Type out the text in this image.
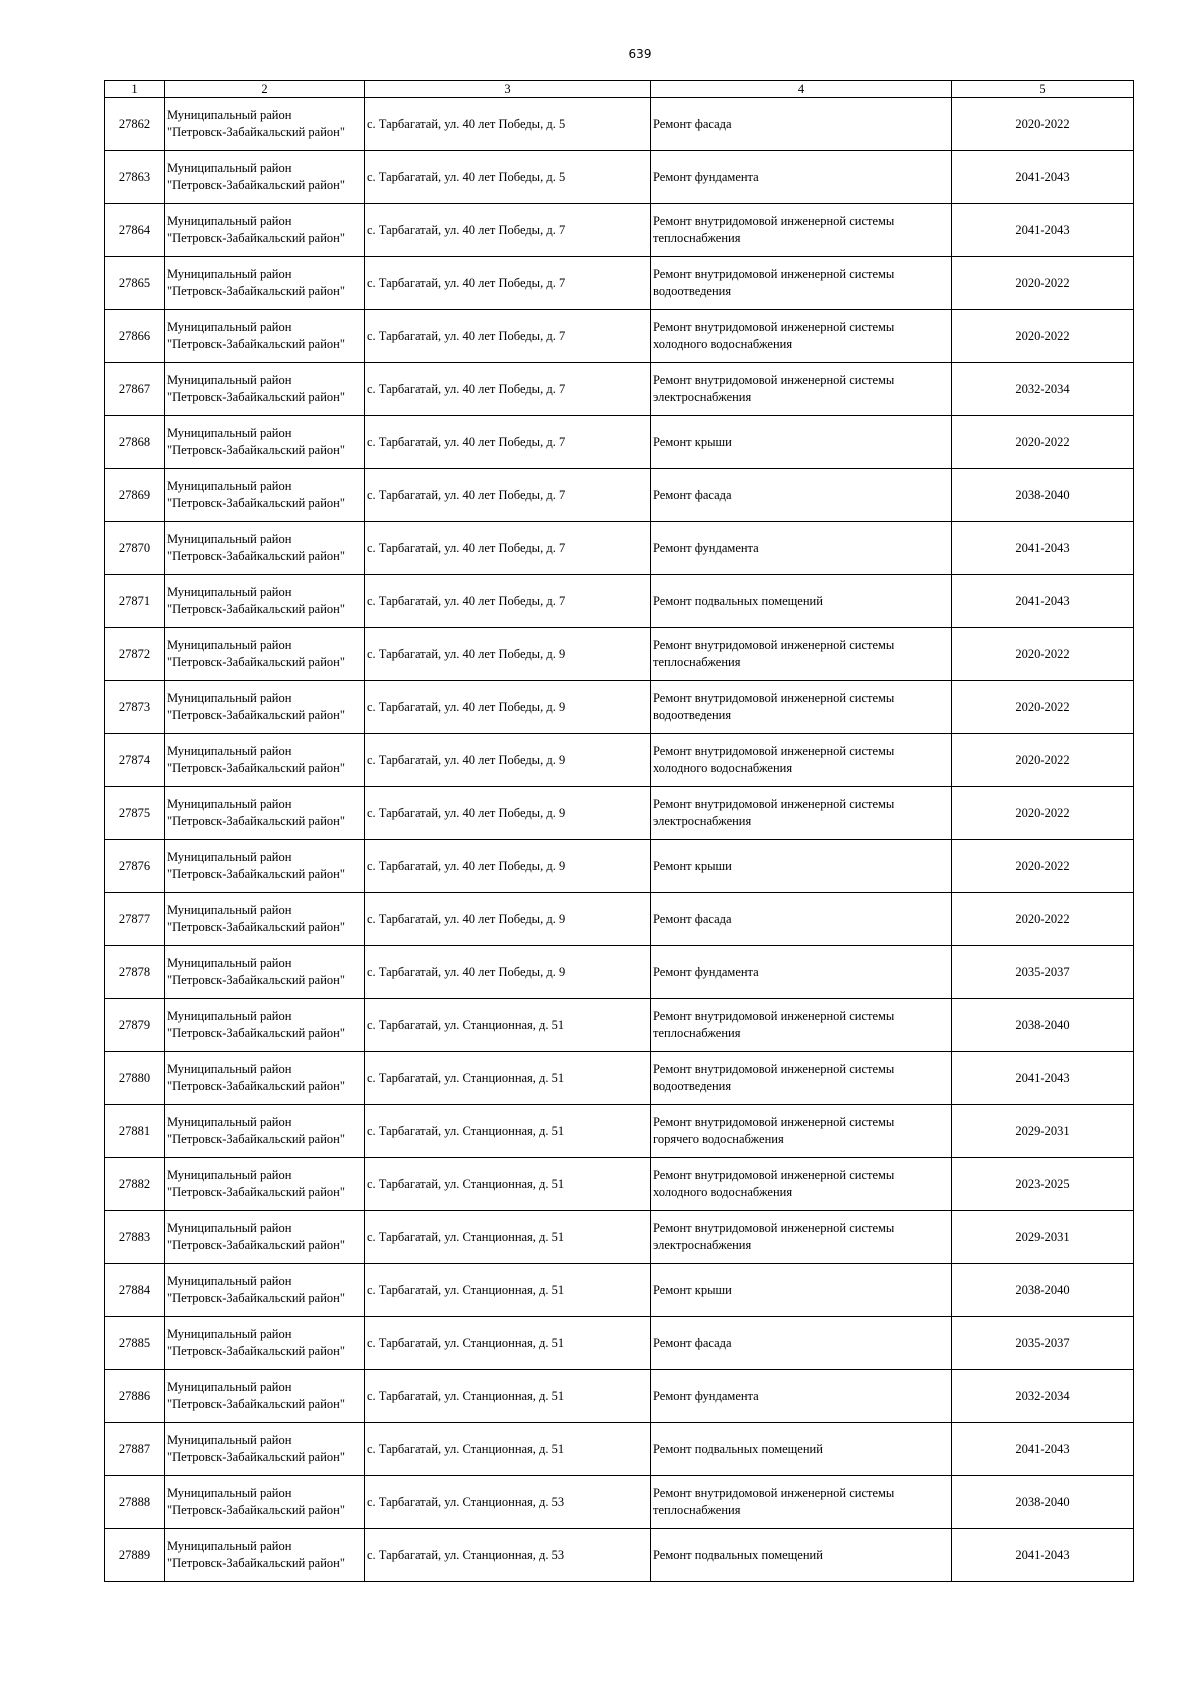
639
1	2	3	4	5
27862	Муниципальный район
"Петровск-Забайкальский район"	с. Тарбагатай, ул. 40 лет Победы, д. 5	Ремонт фасада	2020-2022
27863	Муниципальный район
"Петровск-Забайкальский район"	с. Тарбагатай, ул. 40 лет Победы, д. 5	Ремонт фундамента	2041-2043
27864	Муниципальный район
"Петровск-Забайкальский район"	с. Тарбагатай, ул. 40 лет Победы, д. 7	Ремонт внутридомовой инженерной системы
теплоснабжения	2041-2043
27865	Муниципальный район
"Петровск-Забайкальский район"	с. Тарбагатай, ул. 40 лет Победы, д. 7	Ремонт внутридомовой инженерной системы
водоотведения	2020-2022
27866	Муниципальный район
"Петровск-Забайкальский район"	с. Тарбагатай, ул. 40 лет Победы, д. 7	Ремонт внутридомовой инженерной системы
холодного водоснабжения	2020-2022
27867	Муниципальный район
"Петровск-Забайкальский район"	с. Тарбагатай, ул. 40 лет Победы, д. 7	Ремонт внутридомовой инженерной системы
электроснабжения	2032-2034
27868	Муниципальный район
"Петровск-Забайкальский район"	с. Тарбагатай, ул. 40 лет Победы, д. 7	Ремонт крыши	2020-2022
27869	Муниципальный район
"Петровск-Забайкальский район"	с. Тарбагатай, ул. 40 лет Победы, д. 7	Ремонт фасада	2038-2040
27870	Муниципальный район
"Петровск-Забайкальский район"	с. Тарбагатай, ул. 40 лет Победы, д. 7	Ремонт фундамента	2041-2043
27871	Муниципальный район
"Петровск-Забайкальский район"	с. Тарбагатай, ул. 40 лет Победы, д. 7	Ремонт подвальных помещений	2041-2043
27872	Муниципальный район
"Петровск-Забайкальский район"	с. Тарбагатай, ул. 40 лет Победы, д. 9	Ремонт внутридомовой инженерной системы
теплоснабжения	2020-2022
27873	Муниципальный район
"Петровск-Забайкальский район"	с. Тарбагатай, ул. 40 лет Победы, д. 9	Ремонт внутридомовой инженерной системы
водоотведения	2020-2022
27874	Муниципальный район
"Петровск-Забайкальский район"	с. Тарбагатай, ул. 40 лет Победы, д. 9	Ремонт внутридомовой инженерной системы
холодного водоснабжения	2020-2022
27875	Муниципальный район
"Петровск-Забайкальский район"	с. Тарбагатай, ул. 40 лет Победы, д. 9	Ремонт внутридомовой инженерной системы
электроснабжения	2020-2022
27876	Муниципальный район
"Петровск-Забайкальский район"	с. Тарбагатай, ул. 40 лет Победы, д. 9	Ремонт крыши	2020-2022
27877	Муниципальный район
"Петровск-Забайкальский район"	с. Тарбагатай, ул. 40 лет Победы, д. 9	Ремонт фасада	2020-2022
27878	Муниципальный район
"Петровск-Забайкальский район"	с. Тарбагатай, ул. 40 лет Победы, д. 9	Ремонт фундамента	2035-2037
27879	Муниципальный район
"Петровск-Забайкальский район"	с. Тарбагатай, ул. Станционная, д. 51	Ремонт внутридомовой инженерной системы
теплоснабжения	2038-2040
27880	Муниципальный район
"Петровск-Забайкальский район"	с. Тарбагатай, ул. Станционная, д. 51	Ремонт внутридомовой инженерной системы
водоотведения	2041-2043
27881	Муниципальный район
"Петровск-Забайкальский район"	с. Тарбагатай, ул. Станционная, д. 51	Ремонт внутридомовой инженерной системы
горячего водоснабжения	2029-2031
27882	Муниципальный район
"Петровск-Забайкальский район"	с. Тарбагатай, ул. Станционная, д. 51	Ремонт внутридомовой инженерной системы
холодного водоснабжения	2023-2025
27883	Муниципальный район
"Петровск-Забайкальский район"	с. Тарбагатай, ул. Станционная, д. 51	Ремонт внутридомовой инженерной системы
электроснабжения	2029-2031
27884	Муниципальный район
"Петровск-Забайкальский район"	с. Тарбагатай, ул. Станционная, д. 51	Ремонт крыши	2038-2040
27885	Муниципальный район
"Петровск-Забайкальский район"	с. Тарбагатай, ул. Станционная, д. 51	Ремонт фасада	2035-2037
27886	Муниципальный район
"Петровск-Забайкальский район"	с. Тарбагатай, ул. Станционная, д. 51	Ремонт фундамента	2032-2034
27887	Муниципальный район
"Петровск-Забайкальский район"	с. Тарбагатай, ул. Станционная, д. 51	Ремонт подвальных помещений	2041-2043
27888	Муниципальный район
"Петровск-Забайкальский район"	с. Тарбагатай, ул. Станционная, д. 53	Ремонт внутридомовой инженерной системы
теплоснабжения	2038-2040
27889	Муниципальный район
"Петровск-Забайкальский район"	с. Тарбагатай, ул. Станционная, д. 53	Ремонт подвальных помещений	2041-2043
